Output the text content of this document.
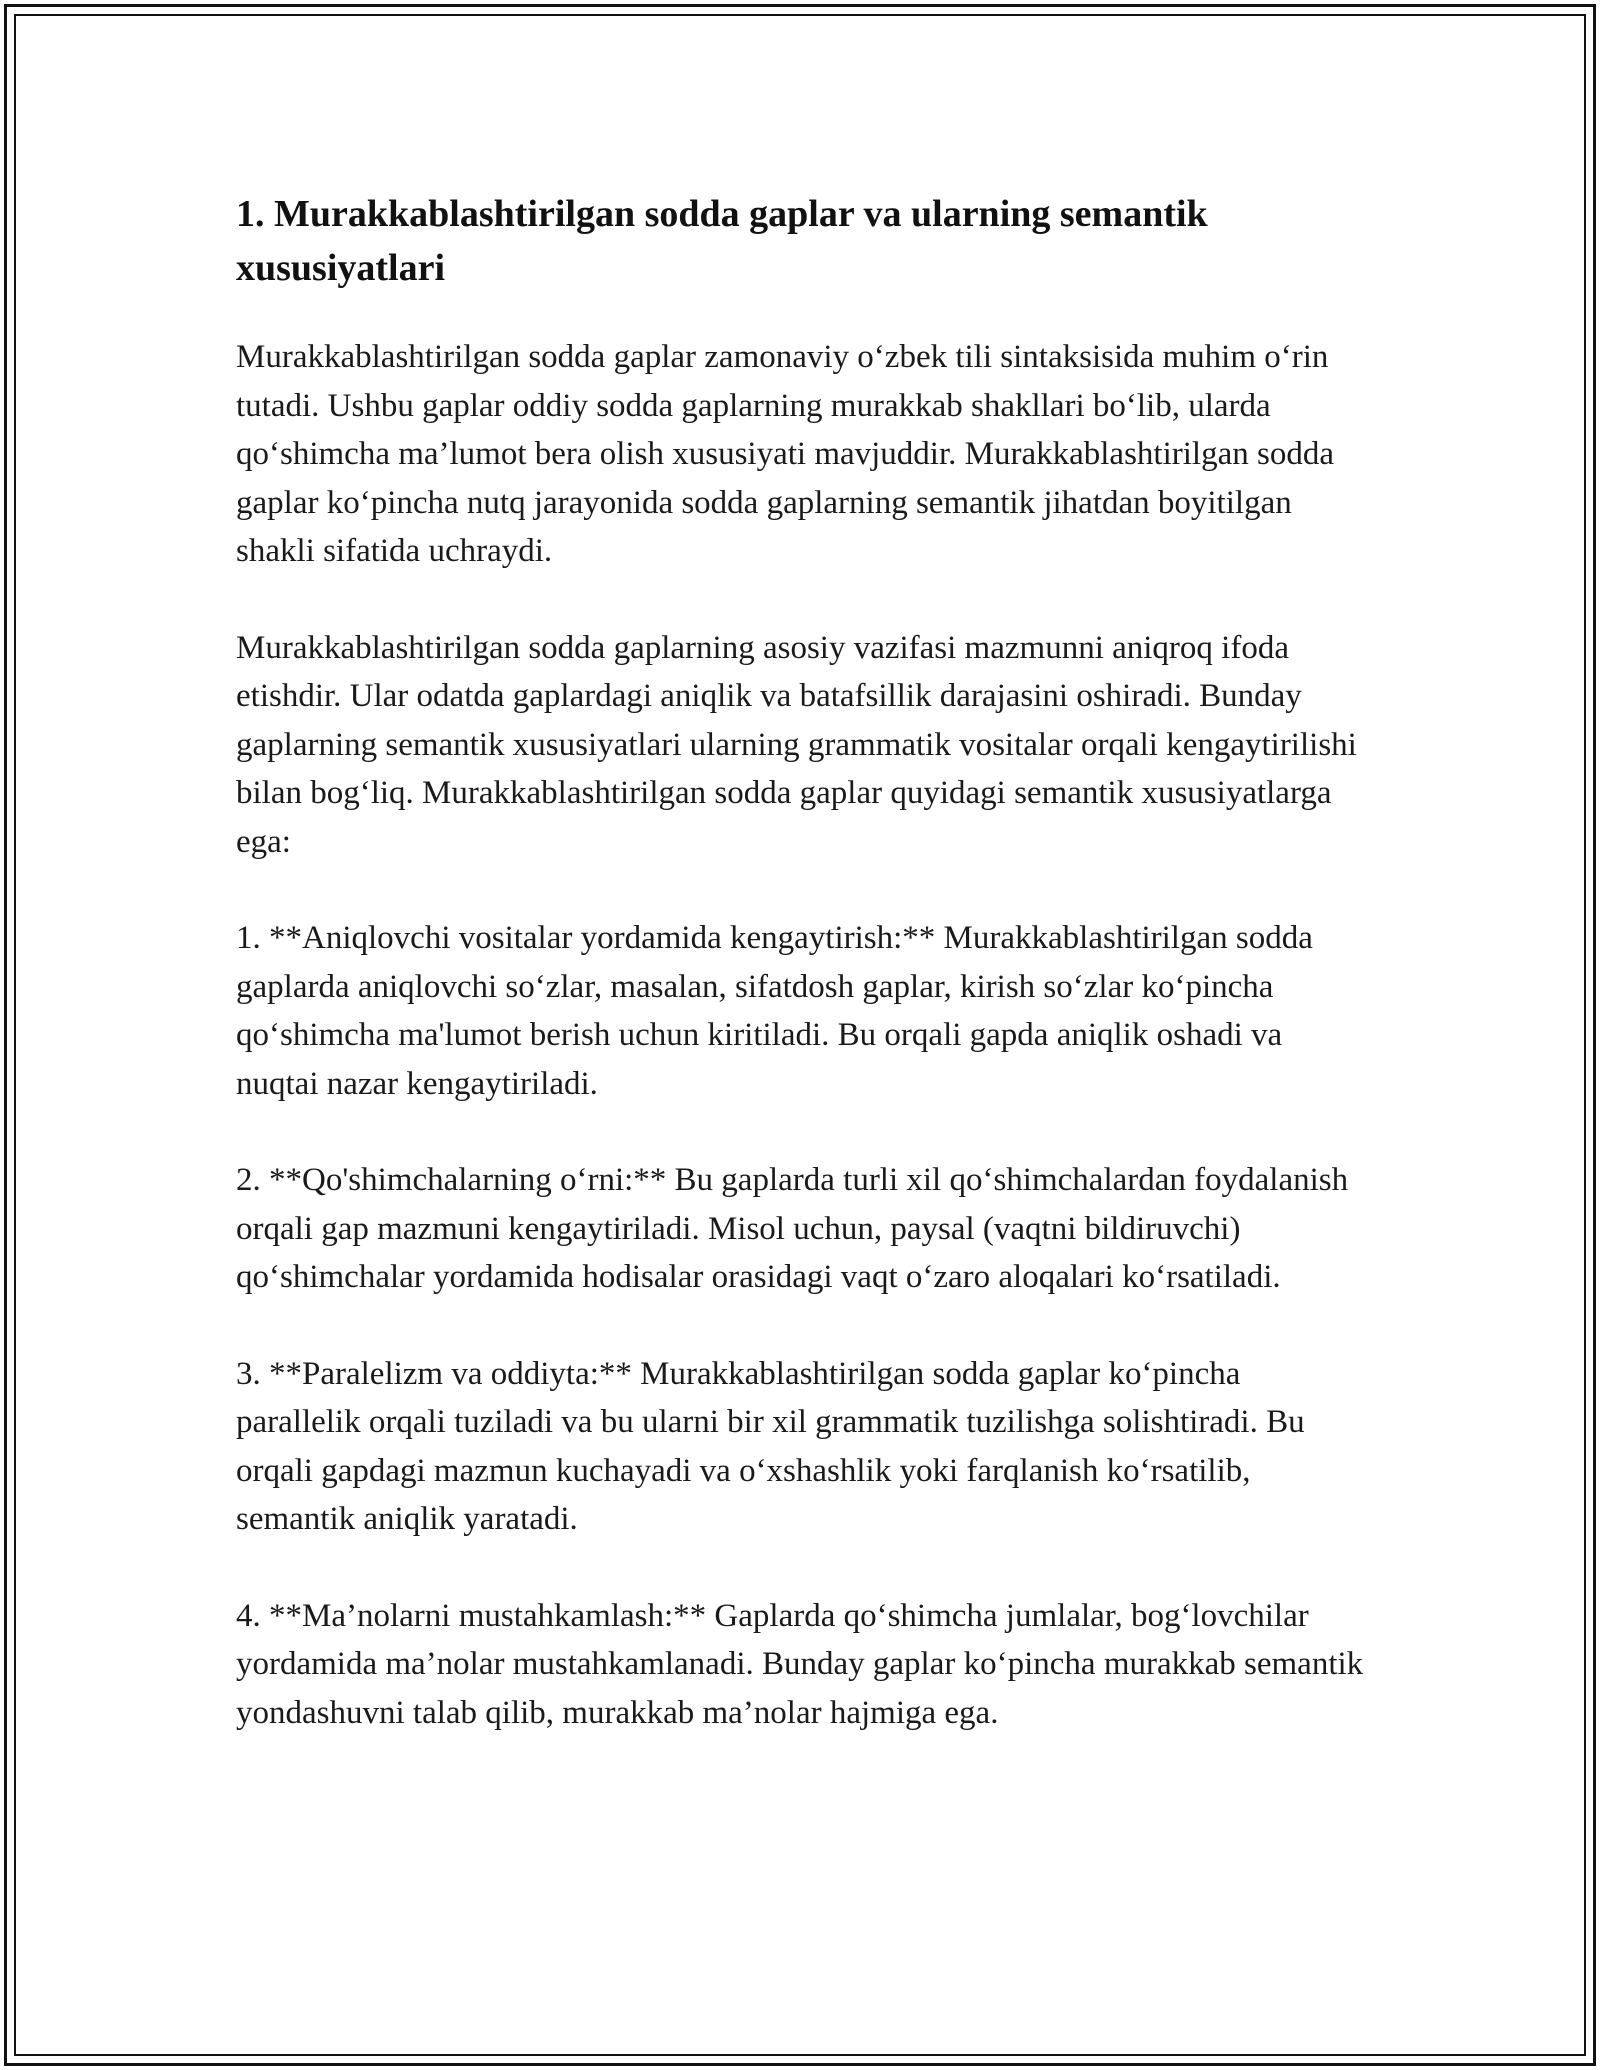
1. Murakkablashtirilgan sodda gaplar va ularning semantik xususiyatlari

Murakkablashtirilgan sodda gaplar zamonaviy o‘zbek tili sintaksisida muhim o‘rin tutadi. Ushbu gaplar oddiy sodda gaplarning murakkab shakllari bo‘lib, ularda qo‘shimcha ma’lumot bera olish xususiyati mavjuddir. Murakkablashtirilgan sodda gaplar ko‘pincha nutq jarayonida sodda gaplarning semantik jihatdan boyitilgan shakli sifatida uchraydi.

Murakkablashtirilgan sodda gaplarning asosiy vazifasi mazmunni aniqroq ifoda etishdir. Ular odatda gaplardagi aniqlik va batafsillik darajasini oshiradi. Bunday gaplarning semantik xususiyatlari ularning grammatik vositalar orqali kengaytirilishi bilan bog‘liq. Murakkablashtirilgan sodda gaplar quyidagi semantik xususiyatlarga ega:

1. **Aniqlovchi vositalar yordamida kengaytirish:** Murakkablashtirilgan sodda gaplarda aniqlovchi so‘zlar, masalan, sifatdosh gaplar, kirish so‘zlar ko‘pincha qo‘shimcha ma'lumot berish uchun kiritiladi. Bu orqali gapda aniqlik oshadi va nuqtai nazar kengaytiriladi.

2. **Qo'shimchalarning o‘rni:** Bu gaplarda turli xil qo‘shimchalardan foydalanish orqali gap mazmuni kengaytiriladi. Misol uchun, paysal (vaqtni bildiruvchi) qo‘shimchalar yordamida hodisalar orasidagi vaqt o‘zaro aloqalari ko‘rsatiladi.

3. **Paralelizm va oddiyta:** Murakkablashtirilgan sodda gaplar ko‘pincha parallelik orqali tuziladi va bu ularni bir xil grammatik tuzilishga solishtiradi. Bu orqali gapdagi mazmun kuchayadi va o‘xshashlik yoki farqlanish ko‘rsatilib, semantik aniqlik yaratadi.

4. **Ma’nolarni mustahkamlash:** Gaplarda qo‘shimcha jumlalar, bog‘lovchilar yordamida ma’nolar mustahkamlanadi. Bunday gaplar ko‘pincha murakkab semantik yondashuvni talab qilib, murakkab ma’nolar hajmiga ega.
